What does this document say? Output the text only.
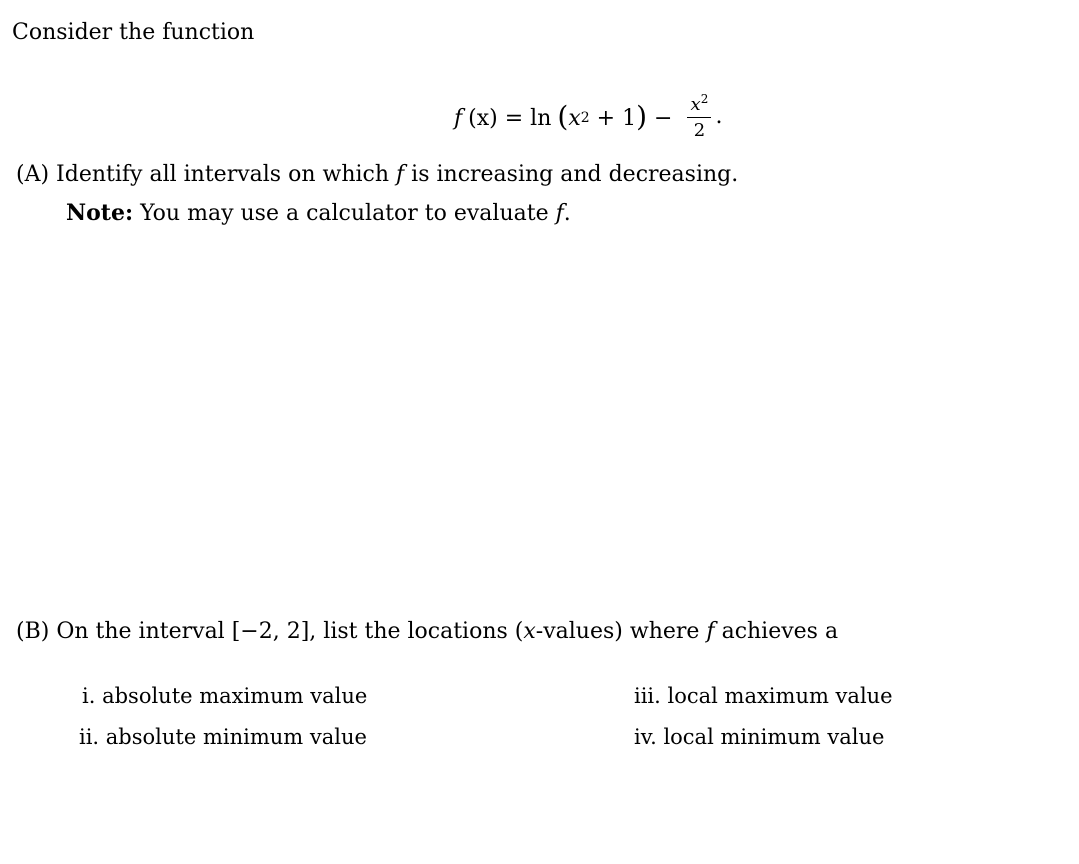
Consider the function
f (x) = ln ( x 2 + 1 ) − $\frac{x^2}{2}$ .
(A) Identify all intervals on which f is increasing and decreasing.
Note: You may use a calculator to evaluate f.
(B) On the interval [−2, 2], list the locations (x-values) where f achieves a
i. absolute maximum value
ii. absolute minimum value
iii. local maximum value
iv. local minimum value
